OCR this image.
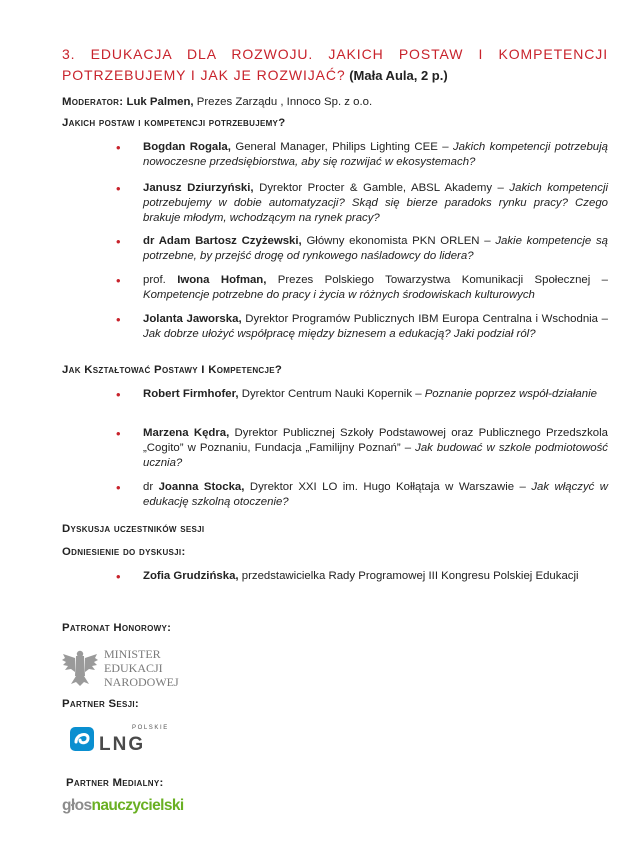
3. EDUKACJA DLA ROZWOJU. JAKICH POSTAW I KOMPETENCJI POTRZEBUJEMY I JAK JE ROZWIJAĆ? (Mała Aula, 2 p.)
Moderator: Luk Palmen, Prezes Zarządu , Innoco Sp. z o.o.
Jakich postaw i kompetencji potrzebujemy?
• Bogdan Rogala, General Manager, Philips Lighting CEE – Jakich kompetencji potrzebują nowoczesne przedsiębiorstwa, aby się rozwijać w ekosystemach?
• Janusz Dziurzyński, Dyrektor Procter & Gamble, ABSL Akademy – Jakich kompetencji potrzebujemy w dobie automatyzacji? Skąd się bierze paradoks rynku pracy? Czego brakuje młodym, wchodzącym na rynek pracy?
• dr Adam Bartosz Czyżewski, Główny ekonomista PKN ORLEN – Jakie kompetencje są potrzebne, by przejść drogę od rynkowego naśladowcy do lidera?
• prof. Iwona Hofman, Prezes Polskiego Towarzystwa Komunikacji Społecznej – Kompetencje potrzebne do pracy i życia w różnych środowiskach kulturowych
• Jolanta Jaworska, Dyrektor Programów Publicznych IBM Europa Centralna i Wschodnia – Jak dobrze ułożyć współpracę między biznesem a edukacją? Jaki podział ról?
Jak Kształtować Postawy I Kompetencje?
• Robert Firmhofer, Dyrektor Centrum Nauki Kopernik – Poznanie poprzez współ-działanie
• Marzena Kędra, Dyrektor Publicznej Szkoły Podstawowej oraz Publicznego Przedszkola „Cogito” w Poznaniu, Fundacja „Familijny Poznań” – Jak budować w szkole podmiotowość ucznia?
• dr Joanna Stocka, Dyrektor XXI LO im. Hugo Kołłątaja w Warszawie – Jak włączyć w edukację szkolną otoczenie?
Dyskusja uczestników sesji
Odniesienie do dyskusji:
• Zofia Grudzińska, przedstawicielka Rady Programowej III Kongresu Polskiej Edukacji
Patronat Honorowy:
MINISTER
EDUKACJI
NARODOWEJ
Partner Sesji:
POLSKIE
LNG
Partner Medialny:
głosnauczycielski
